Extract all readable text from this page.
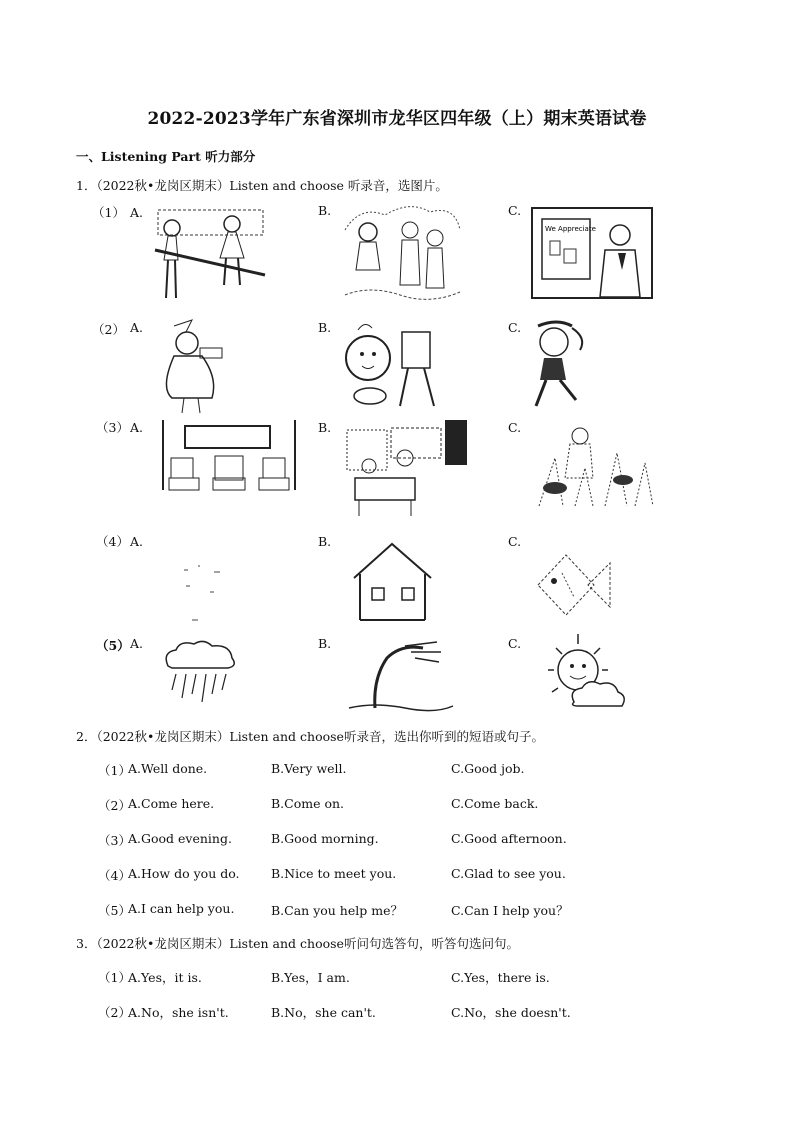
2022-2023学年广东省深圳市龙华区四年级（上）期末英语试卷
一、Listening Part 听力部分
1．（2022秋•龙岗区期末）Listen and choose 听录音，选图片。
（1） A.	B.	C.
We Appreciate
（2） A.	B.	C.
（3） A.	B.	C.
（4） A.	B.	C.
（5） A.	B.	C.
2．（2022秋•龙岗区期末）Listen and choose听录音，选出你听到的短语或句子。
（1）
A.Well done.	B.Very well.	C.Good job.
（2）
A.Come here.	B.Come on.	C.Come back.
（3）
A.Good evening.	B.Good morning.	C.Good afternoon.
（4）
A.How do you do.	B.Nice to meet you.	C.Glad to see you.
（5）
A.I can help you.	B.Can you help me？	C.Can I help you？
3．（2022秋•龙岗区期末）Listen and choose听问句选答句，听答句选问句。
（1）
A.Yes，it is.	B.Yes，I am.	C.Yes，there is.
（2）
A.No，she isn't.	B.No，she can't.	C.No，she doesn't.
